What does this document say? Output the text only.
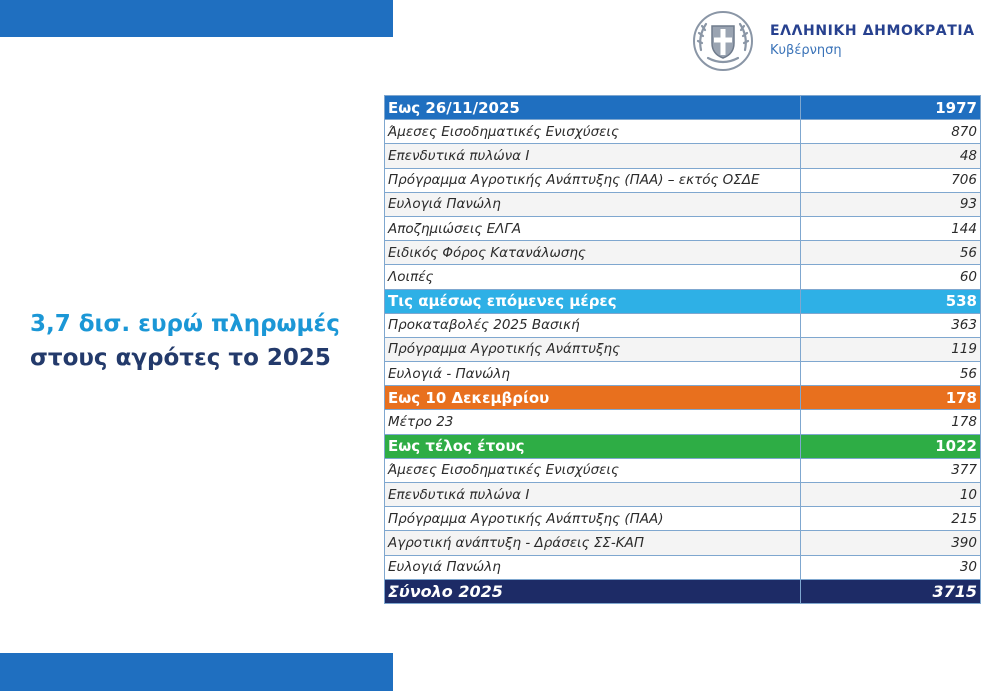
ΕΛΛΗΝΙΚΗ ΔΗΜΟΚΡΑΤΙΑ
Κυβέρνηση
3,7 δισ. ευρώ πληρωμές
στους αγρότες το 2025
Εως 26/11/2025	1977
Άμεσες Εισοδηματικές Ενισχύσεις	870
Επενδυτικά πυλώνα Ι	48
Πρόγραμμα Αγροτικής Ανάπτυξης (ΠΑΑ) – εκτός ΟΣΔΕ	706
Ευλογιά Πανώλη	93
Αποζημιώσεις ΕΛΓΑ	144
Ειδικός Φόρος Κατανάλωσης	56
Λοιπές	60
Τις αμέσως επόμενες μέρες	538
Προκαταβολές 2025 Βασική	363
Πρόγραμμα Αγροτικής Ανάπτυξης	119
Ευλογιά - Πανώλη	56
Εως 10 Δεκεμβρίου	178
Μέτρο 23	178
Εως τέλος έτους	1022
Άμεσες Εισοδηματικές Ενισχύσεις	377
Επενδυτικά πυλώνα Ι	10
Πρόγραμμα Αγροτικής Ανάπτυξης (ΠΑΑ)	215
Αγροτική ανάπτυξη - Δράσεις ΣΣ-ΚΑΠ	390
Ευλογιά Πανώλη	30
Σύνολο 2025	3715
